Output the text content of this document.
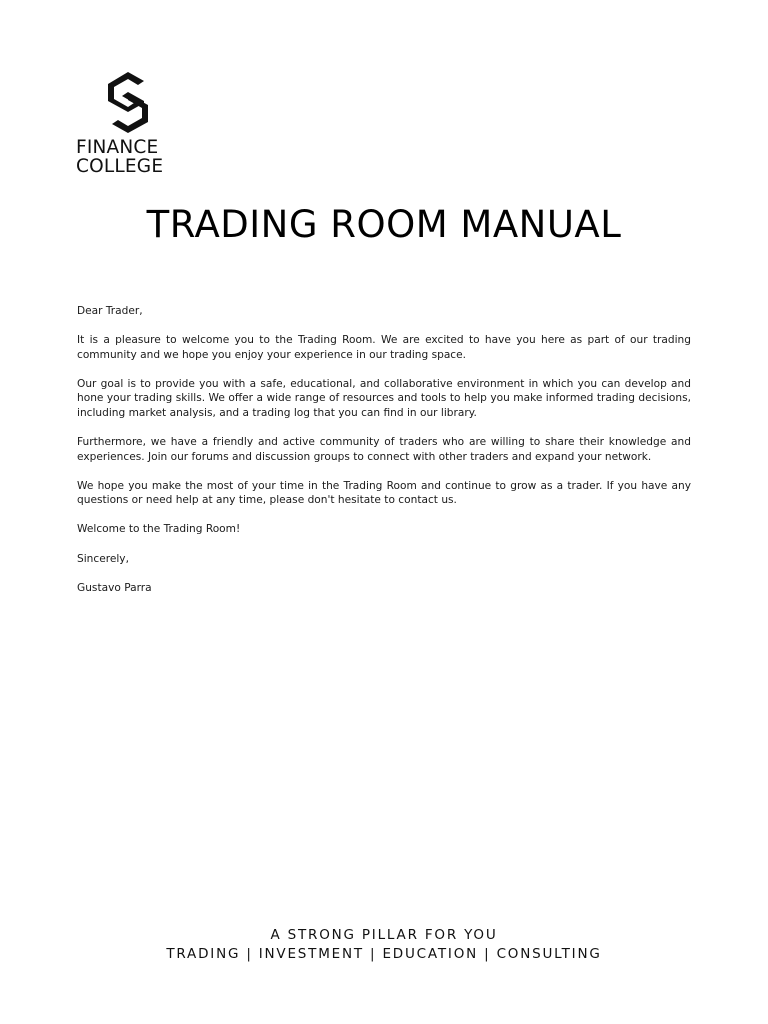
FINANCE
COLLEGE
TRADING ROOM MANUAL

Dear Trader,

It is a pleasure to welcome you to the Trading Room. We are excited to have you here as part of our trading community and we hope you enjoy your experience in our trading space.

Our goal is to provide you with a safe, educational, and collaborative environment in which you can develop and hone your trading skills. We offer a wide range of resources and tools to help you make informed trading decisions, including market analysis, and a trading log that you can find in our library.

Furthermore, we have a friendly and active community of traders who are willing to share their knowledge and experiences. Join our forums and discussion groups to connect with other traders and expand your network.

We hope you make the most of your time in the Trading Room and continue to grow as a trader. If you have any questions or need help at any time, please don't hesitate to contact us.

Welcome to the Trading Room!

Sincerely,

Gustavo Parra

A STRONG PILLAR FOR YOU
TRADING | INVESTMENT | EDUCATION | CONSULTING
